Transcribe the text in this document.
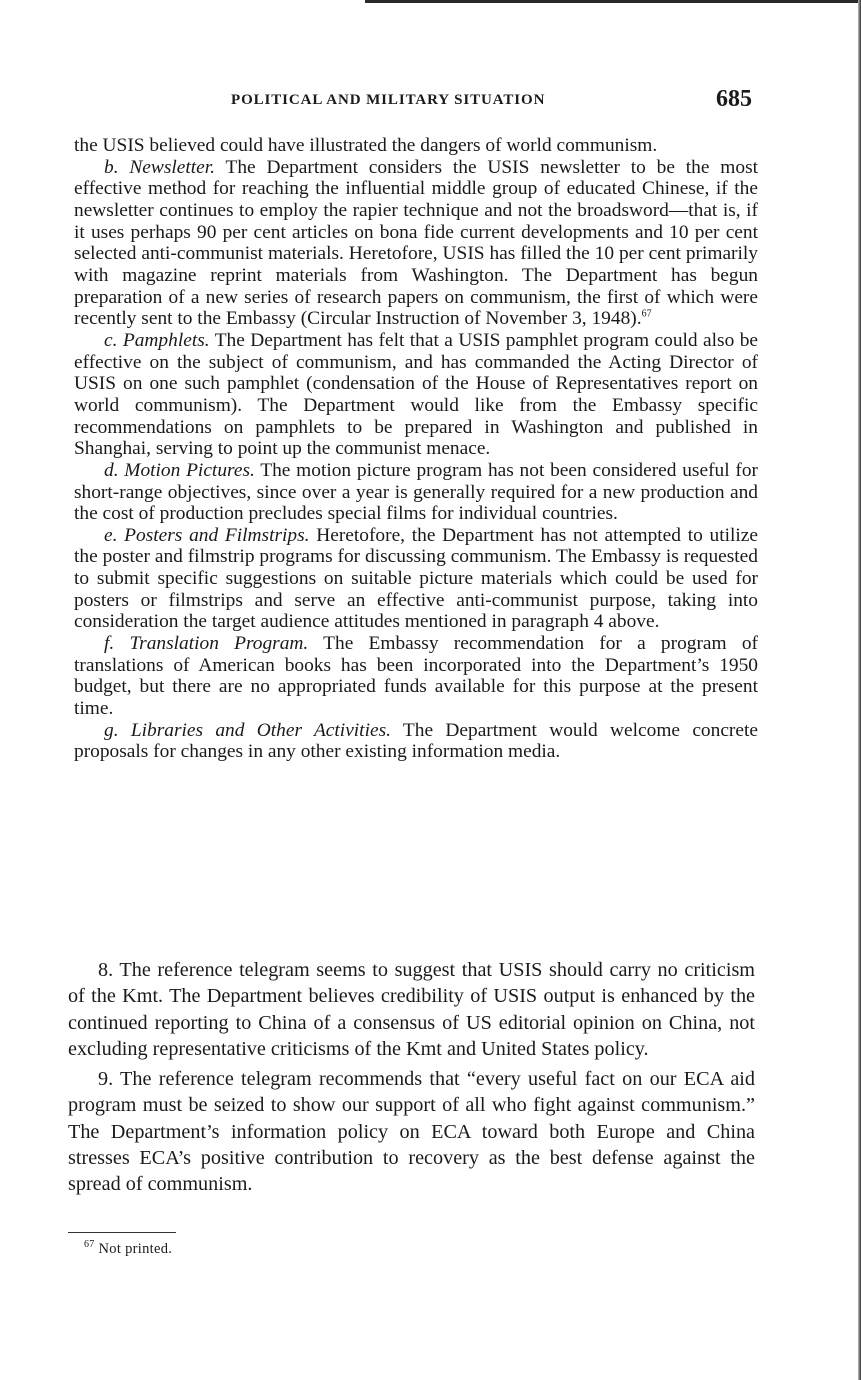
POLITICAL AND MILITARY SITUATION	685

the USIS believed could have illustrated the dangers of world communism.

b. Newsletter. The Department considers the USIS newsletter to be the most effective method for reaching the influential middle group of educated Chinese, if the newsletter continues to employ the rapier technique and not the broadsword—that is, if it uses perhaps 90 per cent articles on bona fide current developments and 10 per cent selected anti-communist materials. Heretofore, USIS has filled the 10 per cent primarily with magazine reprint materials from Washington. The Department has begun preparation of a new series of research papers on communism, the first of which were recently sent to the Embassy (Circular Instruction of November 3, 1948).$^{67}$

c. Pamphlets. The Department has felt that a USIS pamphlet program could also be effective on the subject of communism, and has commanded the Acting Director of USIS on one such pamphlet (condensation of the House of Representatives report on world communism). The Department would like from the Embassy specific recommendations on pamphlets to be prepared in Washington and published in Shanghai, serving to point up the communist menace.

d. Motion Pictures. The motion picture program has not been considered useful for short-range objectives, since over a year is generally required for a new production and the cost of production precludes special films for individual countries.

e. Posters and Filmstrips. Heretofore, the Department has not attempted to utilize the poster and filmstrip programs for discussing communism. The Embassy is requested to submit specific suggestions on suitable picture materials which could be used for posters or filmstrips and serve an effective anti-communist purpose, taking into consideration the target audience attitudes mentioned in paragraph 4 above.

f. Translation Program. The Embassy recommendation for a program of translations of American books has been incorporated into the Department’s 1950 budget, but there are no appropriated funds available for this purpose at the present time.

g. Libraries and Other Activities. The Department would welcome concrete proposals for changes in any other existing information media.

8. The reference telegram seems to suggest that USIS should carry no criticism of the Kmt. The Department believes credibility of USIS output is enhanced by the continued reporting to China of a consensus of US editorial opinion on China, not excluding representative criticisms of the Kmt and United States policy.

9. The reference telegram recommends that “every useful fact on our ECA aid program must be seized to show our support of all who fight against communism.” The Department’s information policy on ECA toward both Europe and China stresses ECA’s positive contribution to recovery as the best defense against the spread of communism.

$^{67}$ Not printed.
